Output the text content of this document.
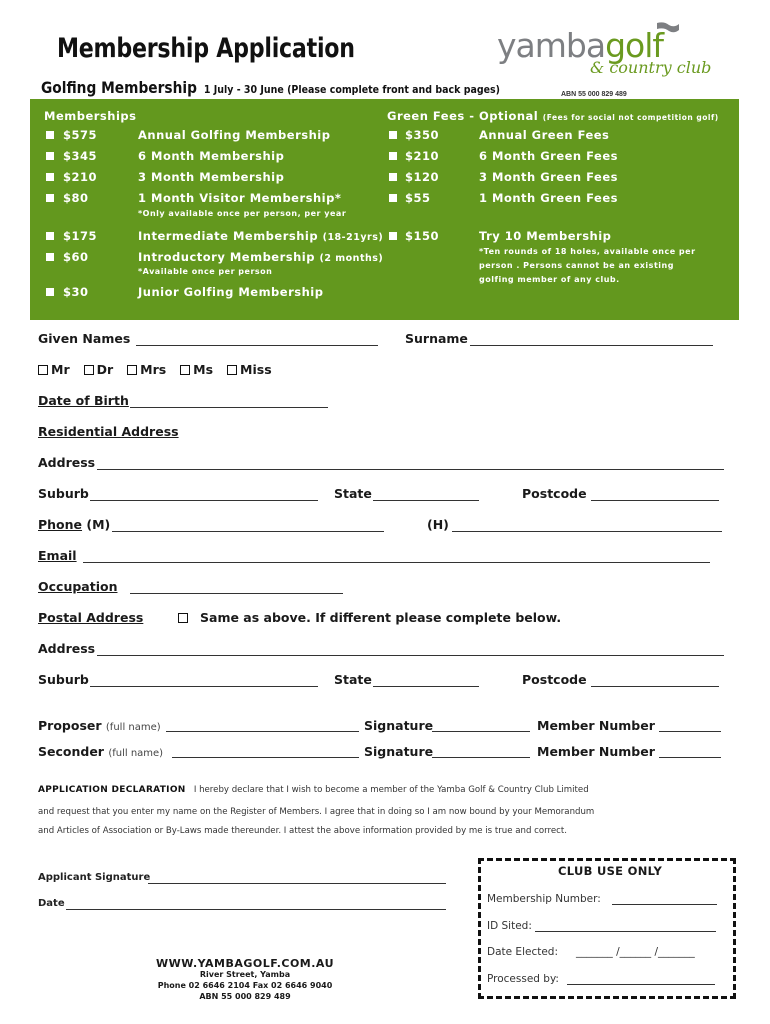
Membership Application
Golfing Membership 1 July - 30 June (Please complete front and back pages)
yambagolf
& country club
ABN 55 000 829 489
Memberships
$575	Annual Golfing Membership
$345	6 Month Membership
$210	3 Month Membership
$80	1 Month Visitor Membership*
*Only available once per person, per year
$175	Intermediate Membership (18-21yrs)
$60	Introductory Membership (2 months)
*Available once per person
$30	Junior Golfing Membership
Green Fees - Optional (Fees for social not competition golf)
$350	Annual Green Fees
$210	6 Month Green Fees
$120	3 Month Green Fees
$55	1 Month Green Fees
$150	Try 10 Membership
*Ten rounds of 18 holes, available once per
person . Persons cannot be an existing
golfing member of any club.
Given Names	Surname
Mr Dr Mrs Ms Miss
Date of Birth
Residential Address
Address
Suburb	State	Postcode
Phone (M)	(H)
Email
Occupation
Postal Address	Same as above. If different please complete below.
Address
Suburb	State	Postcode
Proposer (full name)	Signature	Member Number
Seconder (full name)	Signature	Member Number
APPLICATION DECLARATION I hereby declare that I wish to become a member of the Yamba Golf & Country Club Limited
and request that you enter my name on the Register of Members. I agree that in doing so I am now bound by your Memorandum
and Articles of Association or By-Laws made thereunder. I attest the above information provided by me is true and correct.
Applicant Signature
Date
CLUB USE ONLY
Membership Number:
ID Sited:
Date Elected: _______ /______ /_______
Processed by:
WWW.YAMBAGOLF.COM.AU
River Street, Yamba
Phone 02 6646 2104 Fax 02 6646 9040
ABN 55 000 829 489
